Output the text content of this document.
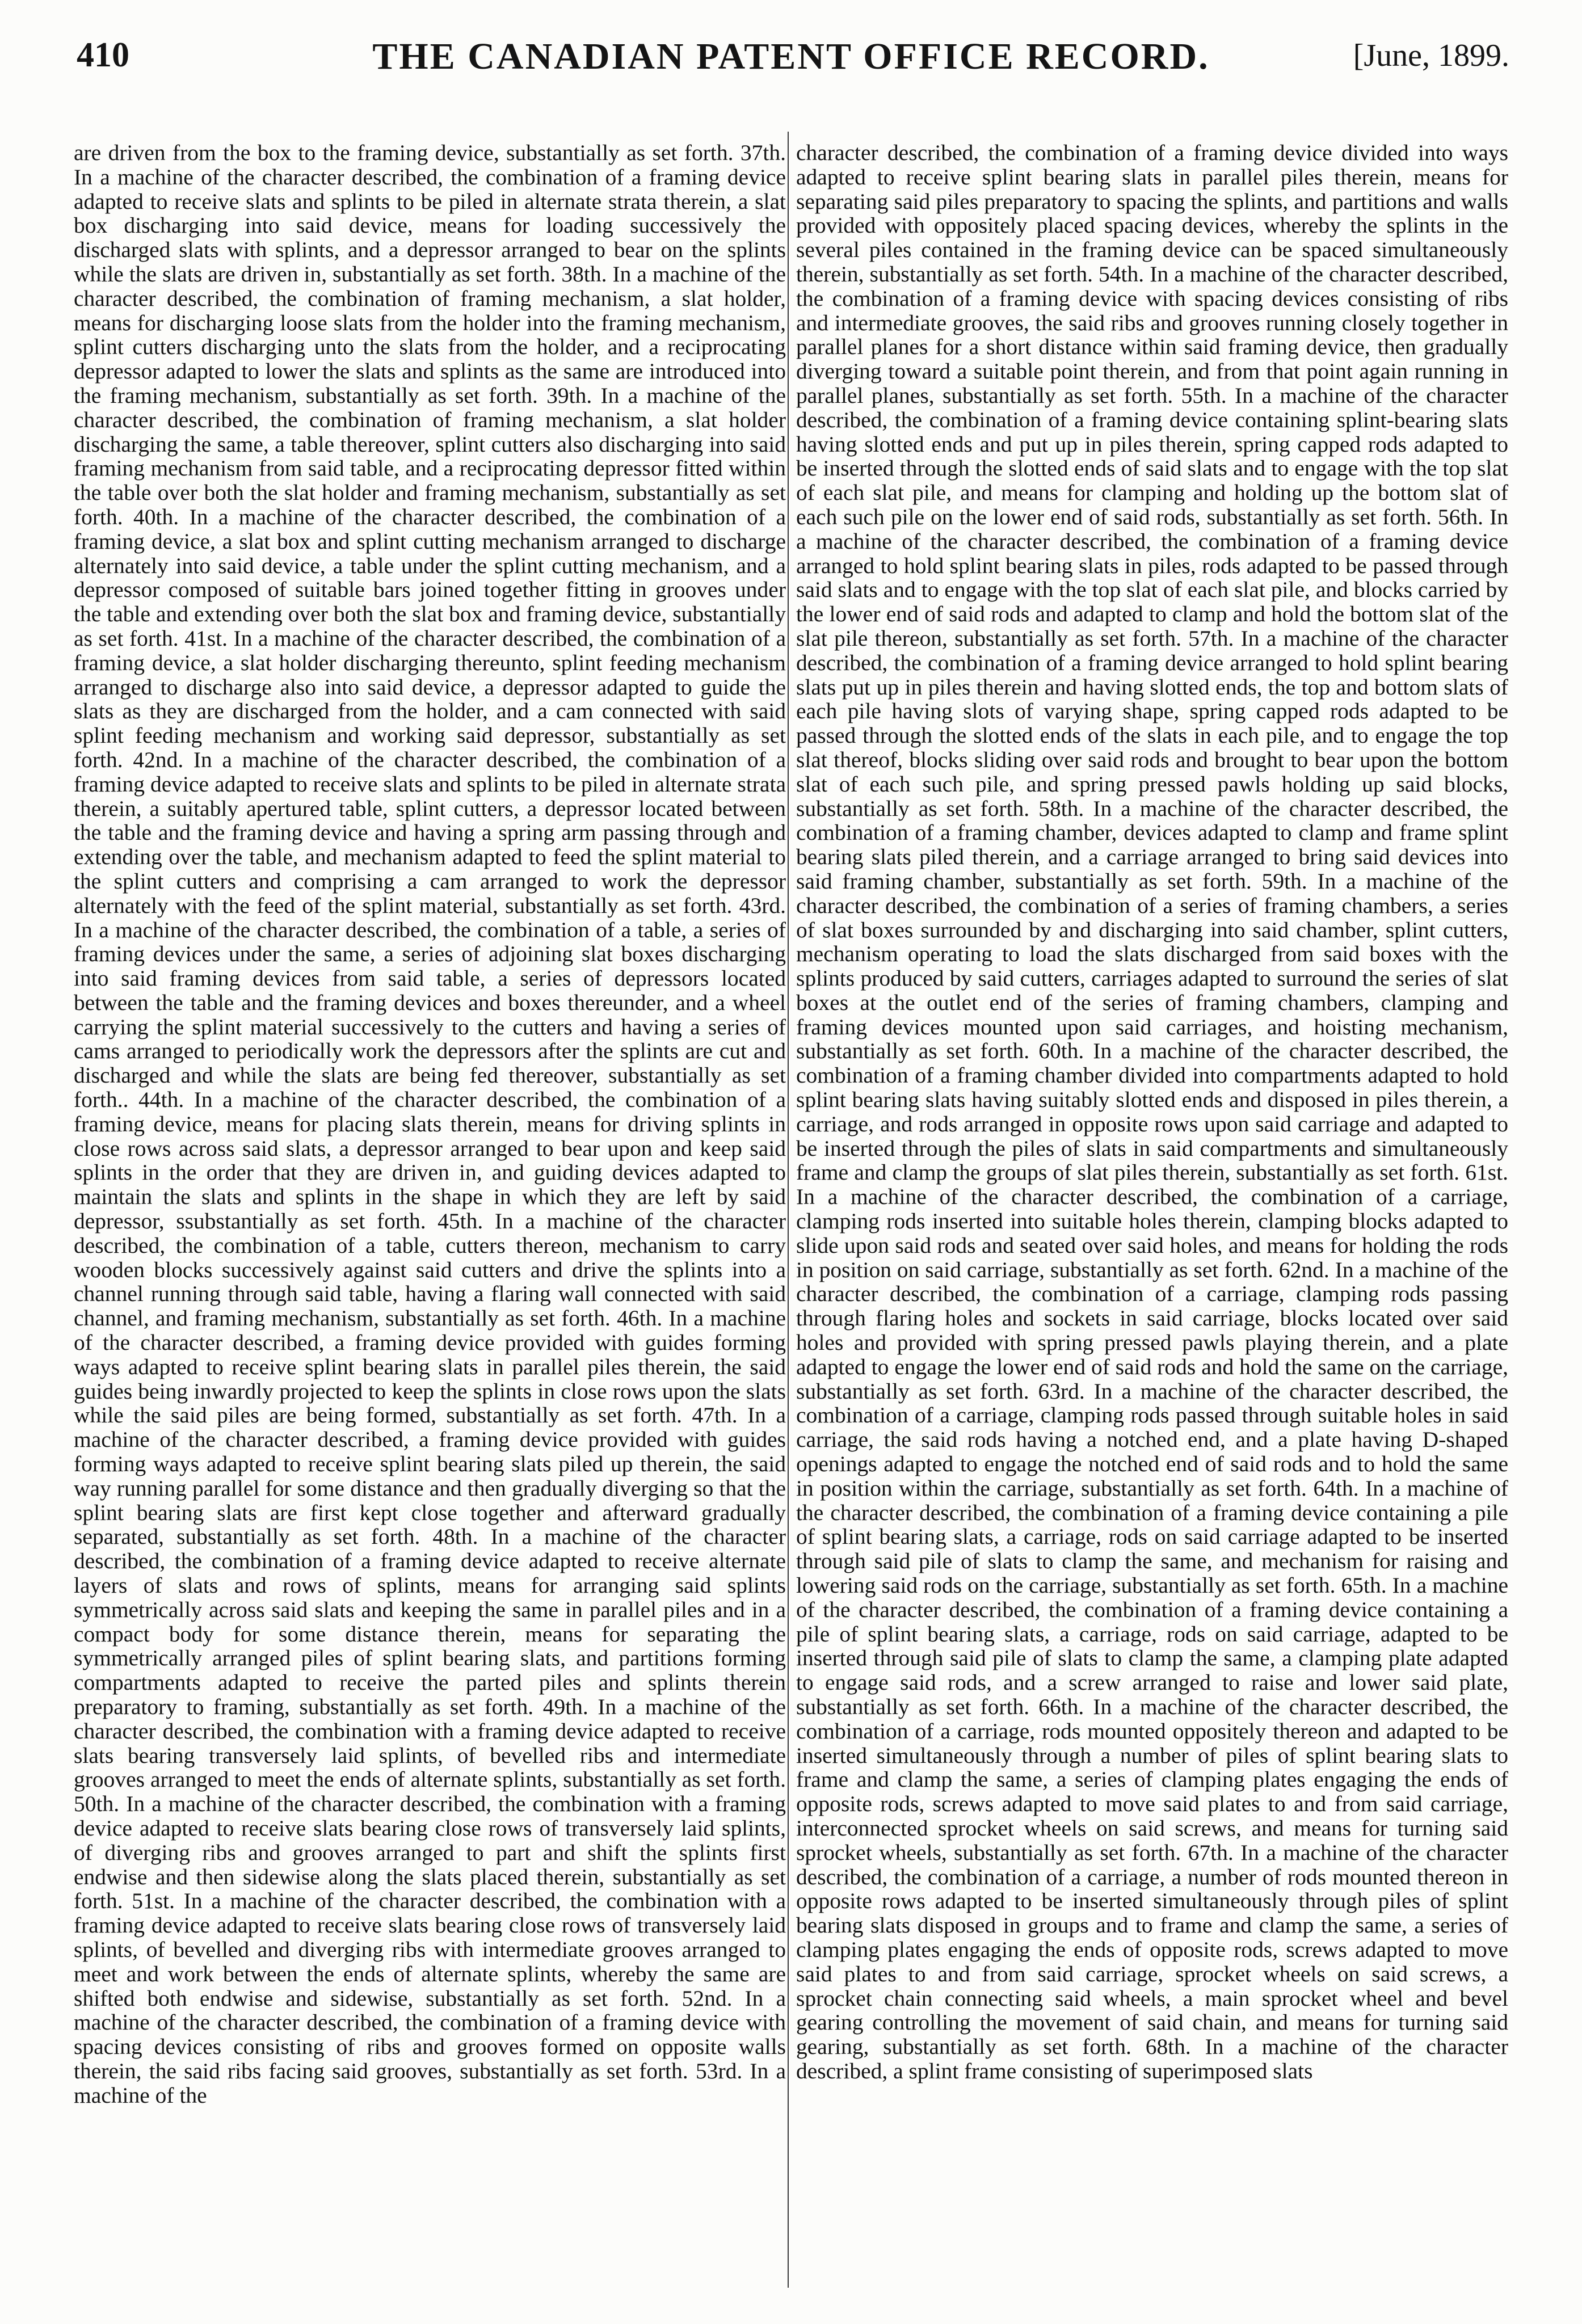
410	THE CANADIAN PATENT OFFICE RECORD.	[June, 1899.

are driven from the box to the framing device, substantially as set forth. 37th. In a machine of the character described, the combination of a framing device adapted to receive slats and splints to be piled in alternate strata therein, a slat box discharging into said device, means for loading successively the discharged slats with splints, and a depressor arranged to bear on the splints while the slats are driven in, substantially as set forth. 38th. In a machine of the character described, the combination of framing mechanism, a slat holder, means for discharging loose slats from the holder into the framing mechanism, splint cutters discharging unto the slats from the holder, and a reciprocating depressor adapted to lower the slats and splints as the same are introduced into the framing mechanism, substantially as set forth. 39th. In a machine of the character described, the combination of framing mechanism, a slat holder discharging the same, a table thereover, splint cutters also discharging into said framing mechanism from said table, and a reciprocating depressor fitted within the table over both the slat holder and framing mechanism, substantially as set forth. 40th. In a machine of the character described, the combination of a framing device, a slat box and splint cutting mechanism arranged to discharge alternately into said device, a table under the splint cutting mechanism, and a depressor composed of suitable bars joined together fitting in grooves under the table and extending over both the slat box and framing device, substantially as set forth. 41st. In a machine of the character described, the combination of a framing device, a slat holder discharging thereunto, splint feeding mechanism arranged to discharge also into said device, a depressor adapted to guide the slats as they are discharged from the holder, and a cam connected with said splint feeding mechanism and working said depressor, substantially as set forth. 42nd. In a machine of the character described, the combination of a framing device adapted to receive slats and splints to be piled in alternate strata therein, a suitably apertured table, splint cutters, a depressor located between the table and the framing device and having a spring arm passing through and extending over the table, and mechanism adapted to feed the splint material to the splint cutters and comprising a cam arranged to work the depressor alternately with the feed of the splint material, substantially as set forth. 43rd. In a machine of the character described, the combination of a table, a series of framing devices under the same, a series of adjoining slat boxes discharging into said framing devices from said table, a series of depressors located between the table and the framing devices and boxes thereunder, and a wheel carrying the splint material successively to the cutters and having a series of cams arranged to periodically work the depressors after the splints are cut and discharged and while the slats are being fed thereover, substantially as set forth.. 44th. In a machine of the character described, the combination of a framing device, means for placing slats therein, means for driving splints in close rows across said slats, a depressor arranged to bear upon and keep said splints in the order that they are driven in, and guiding devices adapted to maintain the slats and splints in the shape in which they are left by said depressor, ssubstantially as set forth. 45th. In a machine of the character described, the combination of a table, cutters thereon, mechanism to carry wooden blocks successively against said cutters and drive the splints into a channel running through said table, having a flaring wall connected with said channel, and framing mechanism, substantially as set forth. 46th. In a machine of the character described, a framing device provided with guides forming ways adapted to receive splint bearing slats in parallel piles therein, the said guides being inwardly projected to keep the splints in close rows upon the slats while the said piles are being formed, substantially as set forth. 47th. In a machine of the character described, a framing device provided with guides forming ways adapted to receive splint bearing slats piled up therein, the said way running parallel for some distance and then gradually diverging so that the splint bearing slats are first kept close together and afterward gradually separated, substantially as set forth. 48th. In a machine of the character described, the combination of a framing device adapted to receive alternate layers of slats and rows of splints, means for arranging said splints symmetrically across said slats and keeping the same in parallel piles and in a compact body for some distance therein, means for separating the symmetrically arranged piles of splint bearing slats, and partitions forming compartments adapted to receive the parted piles and splints therein preparatory to framing, substantially as set forth. 49th. In a machine of the character described, the combination with a framing device adapted to receive slats bearing transversely laid splints, of bevelled ribs and intermediate grooves arranged to meet the ends of alternate splints, substantially as set forth. 50th. In a machine of the character described, the combination with a framing device adapted to receive slats bearing close rows of transversely laid splints, of diverging ribs and grooves arranged to part and shift the splints first endwise and then sidewise along the slats placed therein, substantially as set forth. 51st. In a machine of the character described, the combination with a framing device adapted to receive slats bearing close rows of transversely laid splints, of bevelled and diverging ribs with intermediate grooves arranged to meet and work between the ends of alternate splints, whereby the same are shifted both endwise and sidewise, substantially as set forth. 52nd. In a machine of the character described, the combination of a framing device with spacing devices consisting of ribs and grooves formed on opposite walls therein, the said ribs facing said grooves, substantially as set forth. 53rd. In a machine of the

character described, the combination of a framing device divided into ways adapted to receive splint bearing slats in parallel piles therein, means for separating said piles preparatory to spacing the splints, and partitions and walls provided with oppositely placed spacing devices, whereby the splints in the several piles contained in the framing device can be spaced simultaneously therein, substantially as set forth. 54th. In a machine of the character described, the combination of a framing device with spacing devices consisting of ribs and intermediate grooves, the said ribs and grooves running closely together in parallel planes for a short distance within said framing device, then gradually diverging toward a suitable point therein, and from that point again running in parallel planes, substantially as set forth. 55th. In a machine of the character described, the combination of a framing device containing splint-bearing slats having slotted ends and put up in piles therein, spring capped rods adapted to be inserted through the slotted ends of said slats and to engage with the top slat of each slat pile, and means for clamping and holding up the bottom slat of each such pile on the lower end of said rods, substantially as set forth. 56th. In a machine of the character described, the combination of a framing device arranged to hold splint bearing slats in piles, rods adapted to be passed through said slats and to engage with the top slat of each slat pile, and blocks carried by the lower end of said rods and adapted to clamp and hold the bottom slat of the slat pile thereon, substantially as set forth. 57th. In a machine of the character described, the combination of a framing device arranged to hold splint bearing slats put up in piles therein and having slotted ends, the top and bottom slats of each pile having slots of varying shape, spring capped rods adapted to be passed through the slotted ends of the slats in each pile, and to engage the top slat thereof, blocks sliding over said rods and brought to bear upon the bottom slat of each such pile, and spring pressed pawls holding up said blocks, substantially as set forth. 58th. In a machine of the character described, the combination of a framing chamber, devices adapted to clamp and frame splint bearing slats piled therein, and a carriage arranged to bring said devices into said framing chamber, substantially as set forth. 59th. In a machine of the character described, the combination of a series of framing chambers, a series of slat boxes surrounded by and discharging into said chamber, splint cutters, mechanism operating to load the slats discharged from said boxes with the splints produced by said cutters, carriages adapted to surround the series of slat boxes at the outlet end of the series of framing chambers, clamping and framing devices mounted upon said carriages, and hoisting mechanism, substantially as set forth. 60th. In a machine of the character described, the combination of a framing chamber divided into compartments adapted to hold splint bearing slats having suitably slotted ends and disposed in piles therein, a carriage, and rods arranged in opposite rows upon said carriage and adapted to be inserted through the piles of slats in said compartments and simultaneously frame and clamp the groups of slat piles therein, substantially as set forth. 61st. In a machine of the character described, the combination of a carriage, clamping rods inserted into suitable holes therein, clamping blocks adapted to slide upon said rods and seated over said holes, and means for holding the rods in position on said carriage, substantially as set forth. 62nd. In a machine of the character described, the combination of a carriage, clamping rods passing through flaring holes and sockets in said carriage, blocks located over said holes and provided with spring pressed pawls playing therein, and a plate adapted to engage the lower end of said rods and hold the same on the carriage, substantially as set forth. 63rd. In a machine of the character described, the combination of a carriage, clamping rods passed through suitable holes in said carriage, the said rods having a notched end, and a plate having D-shaped openings adapted to engage the notched end of said rods and to hold the same in position within the carriage, substantially as set forth. 64th. In a machine of the character described, the combination of a framing device containing a pile of splint bearing slats, a carriage, rods on said carriage adapted to be inserted through said pile of slats to clamp the same, and mechanism for raising and lowering said rods on the carriage, substantially as set forth. 65th. In a machine of the character described, the combination of a framing device containing a pile of splint bearing slats, a carriage, rods on said carriage, adapted to be inserted through said pile of slats to clamp the same, a clamping plate adapted to engage said rods, and a screw arranged to raise and lower said plate, substantially as set forth. 66th. In a machine of the character described, the combination of a carriage, rods mounted oppositely thereon and adapted to be inserted simultaneously through a number of piles of splint bearing slats to frame and clamp the same, a series of clamping plates engaging the ends of opposite rods, screws adapted to move said plates to and from said carriage, interconnected sprocket wheels on said screws, and means for turning said sprocket wheels, substantially as set forth. 67th. In a machine of the character described, the combination of a carriage, a number of rods mounted thereon in opposite rows adapted to be inserted simultaneously through piles of splint bearing slats disposed in groups and to frame and clamp the same, a series of clamping plates engaging the ends of opposite rods, screws adapted to move said plates to and from said carriage, sprocket wheels on said screws, a sprocket chain connecting said wheels, a main sprocket wheel and bevel gearing controlling the movement of said chain, and means for turning said gearing, substantially as set forth. 68th. In a machine of the character described, a splint frame consisting of superimposed slats
